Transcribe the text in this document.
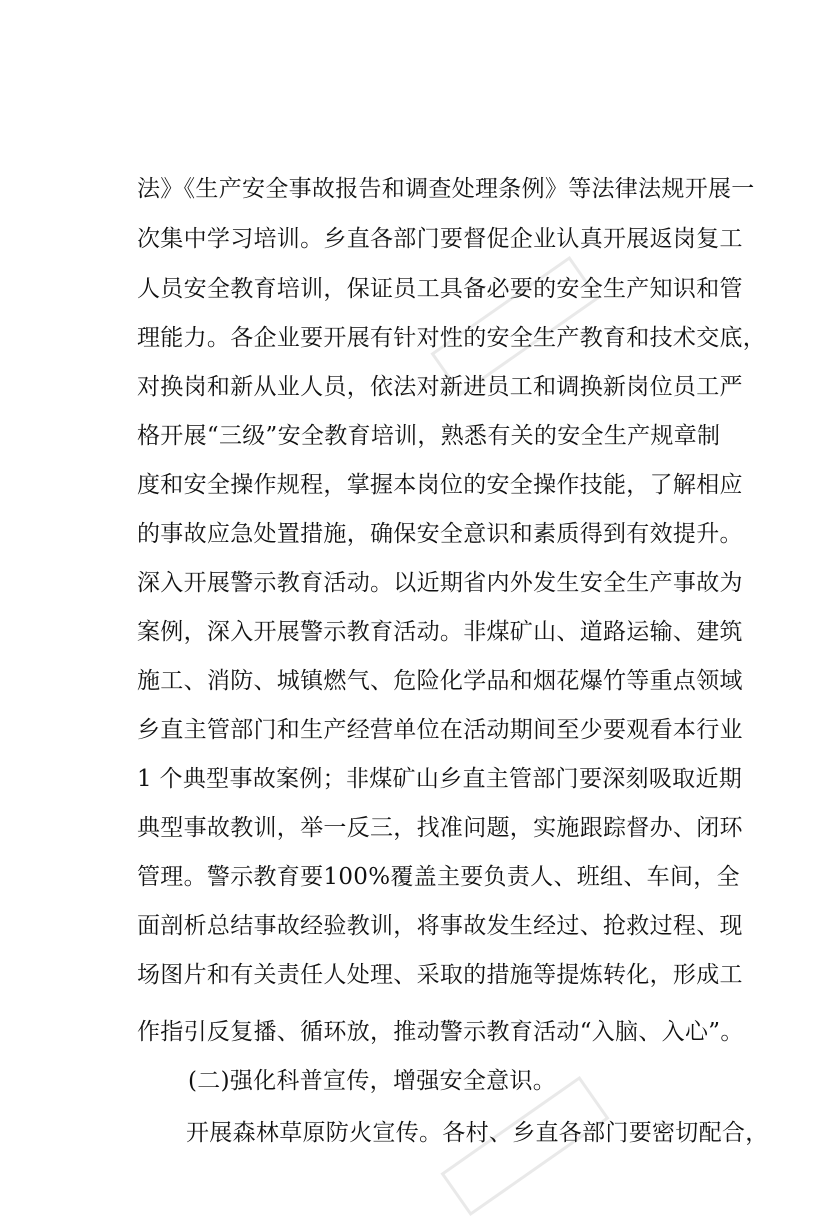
法》《生产安全事故报告和调查处理条例》等法律法规开展一
次集中学习培训。乡直各部门要督促企业认真开展返岗复工
人员安全教育培训，保证员工具备必要的安全生产知识和管
理能力。各企业要开展有针对性的安全生产教育和技术交底，
对换岗和新从业人员，依法对新进员工和调换新岗位员工严
格开展“三级”安全教育培训，熟悉有关的安全生产规章制
度和安全操作规程，掌握本岗位的安全操作技能，了解相应
的事故应急处置措施，确保安全意识和素质得到有效提升。
深入开展警示教育活动。以近期省内外发生安全生产事故为
案例，深入开展警示教育活动。非煤矿山、道路运输、建筑
施工、消防、城镇燃气、危险化学品和烟花爆竹等重点领域
乡直主管部门和生产经营单位在活动期间至少要观看本行业
1 个典型事故案例；非煤矿山乡直主管部门要深刻吸取近期
典型事故教训，举一反三，找准问题，实施跟踪督办、闭环
管理。警示教育要100%覆盖主要负责人、班组、车间，全
面剖析总结事故经验教训，将事故发生经过、抢救过程、现
场图片和有关责任人处理、采取的措施等提炼转化，形成工
作指引反复播、循环放，推动警示教育活动“入脑、入心”。
(二)强化科普宣传，增强安全意识。
开展森林草原防火宣传。各村、乡直各部门要密切配合，
